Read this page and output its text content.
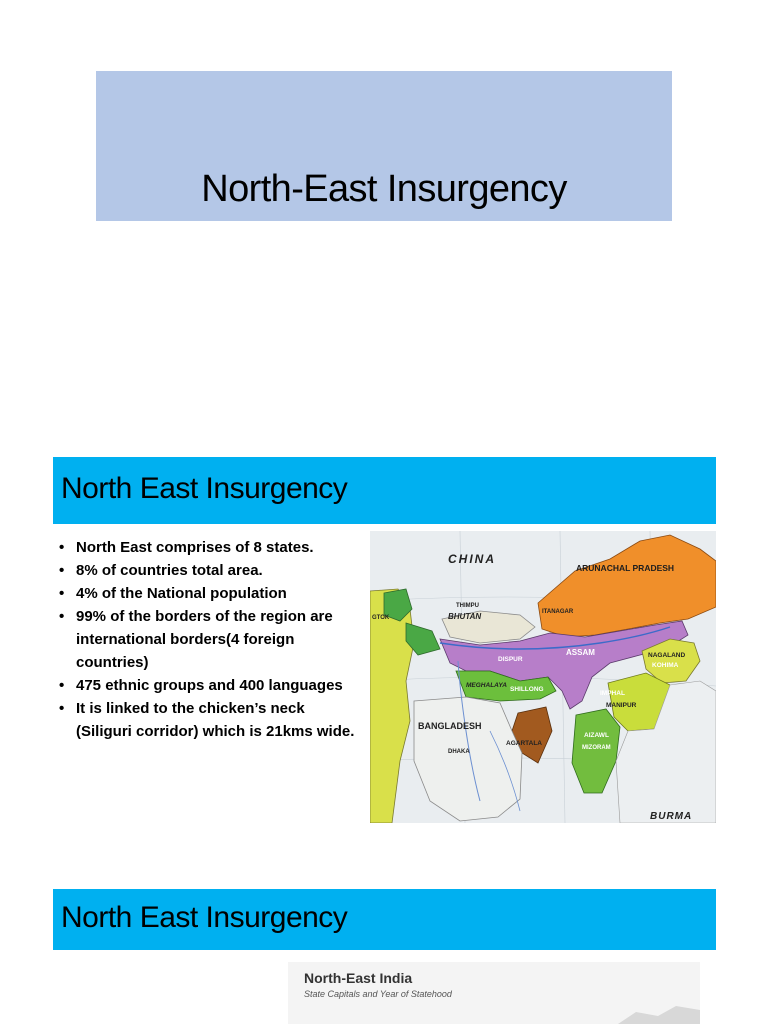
North-East Insurgency
North East Insurgency
• North East comprises of 8 states.
• 8% of countries total area.
• 4% of the National population
• 99% of the borders of the region are international borders(4 foreign countries)
• 475 ethnic groups and 400 languages
• It is linked to the chicken’s neck (Siliguri corridor) which is 21kms wide.
CHINA
ARUNACHAL PRADESH
THIMPU
BHUTAN	ITANAGAR
GTOK
ASSAM
DISPUR
NAGALAND
KOHIMA
MEGHALAYA
SHILLONG
IMPHAL
MANIPUR
BANGLADESH
AGARTALA
AIZAWL
MIZORAM
DHAKA
BURMA
North East Insurgency
North-East India
State Capitals and Year of Statehood
